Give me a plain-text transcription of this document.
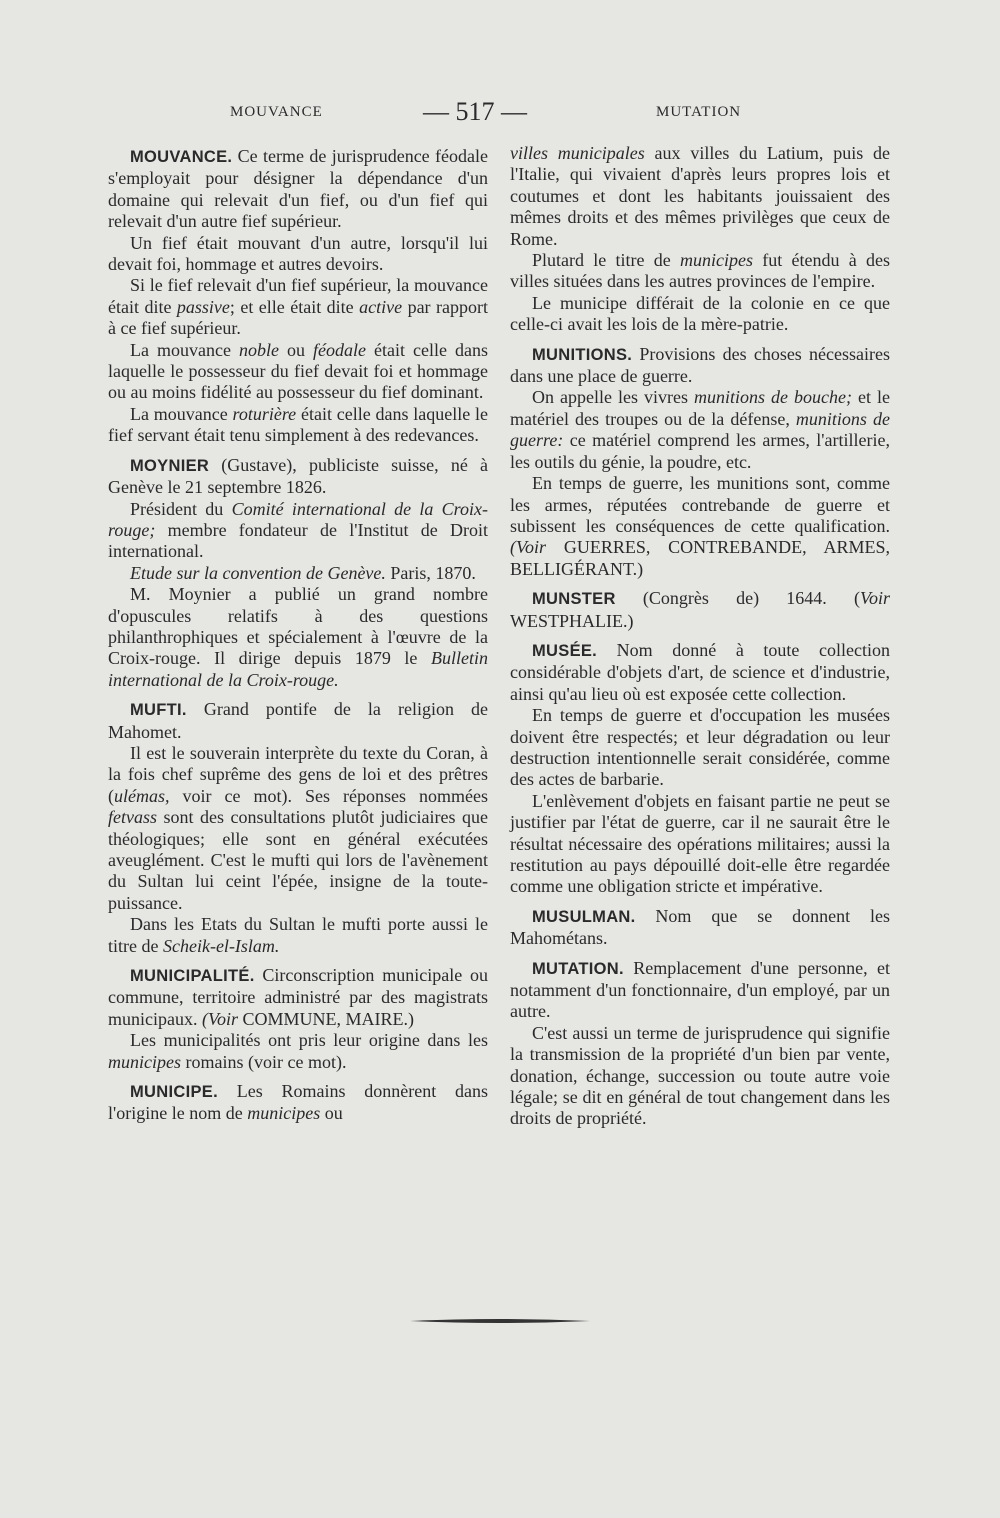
MOUVANCE	— 517 —	MUTATION

MOUVANCE. Ce terme de jurisprudence féodale s'employait pour désigner la dépendance d'un domaine qui relevait d'un fief, ou d'un fief qui relevait d'un autre fief supérieur.

Un fief était mouvant d'un autre, lorsqu'il lui devait foi, hommage et autres devoirs.

Si le fief relevait d'un fief supérieur, la mouvance était dite passive; et elle était dite active par rapport à ce fief supérieur.

La mouvance noble ou féodale était celle dans laquelle le possesseur du fief devait foi et hommage ou au moins fidélité au possesseur du fief dominant.

La mouvance roturière était celle dans laquelle le fief servant était tenu simplement à des redevances.

MOYNIER (Gustave), publiciste suisse, né à Genève le 21 septembre 1826.

Président du Comité international de la Croix-rouge; membre fondateur de l'Institut de Droit international.

Etude sur la convention de Genève. Paris, 1870.

M. Moynier a publié un grand nombre d'opuscules relatifs à des questions philanthrophiques et spécialement à l'œuvre de la Croix-rouge. Il dirige depuis 1879 le Bulletin international de la Croix-rouge.

MUFTI. Grand pontife de la religion de Mahomet.

Il est le souverain interprète du texte du Coran, à la fois chef suprême des gens de loi et des prêtres (ulémas, voir ce mot). Ses réponses nommées fetvass sont des consultations plutôt judiciaires que théologiques; elle sont en général exécutées aveuglément. C'est le mufti qui lors de l'avènement du Sultan lui ceint l'épée, insigne de la toute-puissance.

Dans les Etats du Sultan le mufti porte aussi le titre de Scheik-el-Islam.

MUNICIPALITÉ. Circonscription municipale ou commune, territoire administré par des magistrats municipaux. (Voir COMMUNE, MAIRE.)

Les municipalités ont pris leur origine dans les municipes romains (voir ce mot).

MUNICIPE. Les Romains donnèrent dans l'origine le nom de municipes ou

villes municipales aux villes du Latium, puis de l'Italie, qui vivaient d'après leurs propres lois et coutumes et dont les habitants jouissaient des mêmes droits et des mêmes privilèges que ceux de Rome.

Plutard le titre de municipes fut étendu à des villes situées dans les autres provinces de l'empire.

Le municipe différait de la colonie en ce que celle-ci avait les lois de la mère-patrie.

MUNITIONS. Provisions des choses nécessaires dans une place de guerre.

On appelle les vivres munitions de bouche; et le matériel des troupes ou de la défense, munitions de guerre: ce matériel comprend les armes, l'artillerie, les outils du génie, la poudre, etc.

En temps de guerre, les munitions sont, comme les armes, réputées contrebande de guerre et subissent les conséquences de cette qualification. (Voir GUERRES, CONTREBANDE, ARMES, BELLIGÉRANT.)

MUNSTER (Congrès de) 1644. (Voir WESTPHALIE.)

MUSÉE. Nom donné à toute collection considérable d'objets d'art, de science et d'industrie, ainsi qu'au lieu où est exposée cette collection.

En temps de guerre et d'occupation les musées doivent être respectés; et leur dégradation ou leur destruction intentionnelle serait considérée, comme des actes de barbarie.

L'enlèvement d'objets en faisant partie ne peut se justifier par l'état de guerre, car il ne saurait être le résultat nécessaire des opérations militaires; aussi la restitution au pays dépouillé doit-elle être regardée comme une obligation stricte et impérative.

MUSULMAN. Nom que se donnent les Mahométans.

MUTATION. Remplacement d'une personne, et notamment d'un fonctionnaire, d'un employé, par un autre.

C'est aussi un terme de jurisprudence qui signifie la transmission de la propriété d'un bien par vente, donation, échange, succession ou toute autre voie légale; se dit en général de tout changement dans les droits de propriété.
